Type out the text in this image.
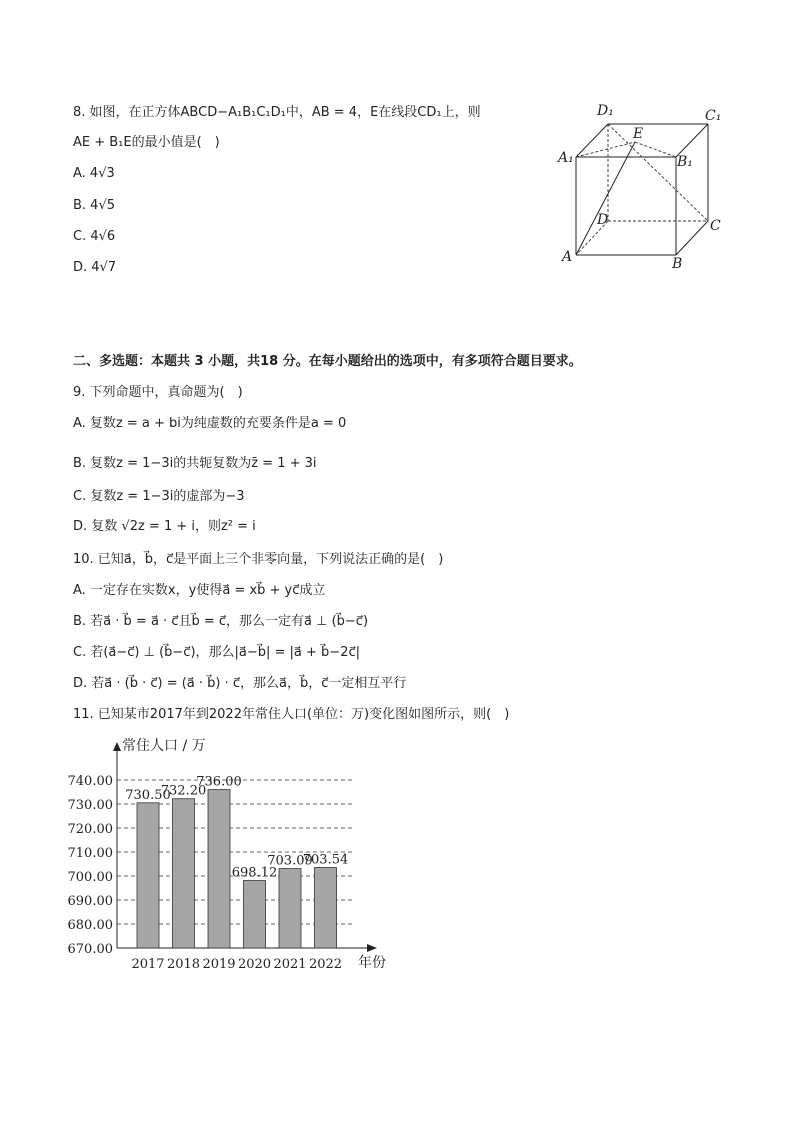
8. 如图，在正方体ABCD−A₁B₁C₁D₁中，AB = 4，E在线段CD₁上，则
AE + B₁E的最小值是(　)
A. 4√3
B. 4√5
C. 4√6
D. 4√7
D₁	C₁
A₁	B₁
E
D	C
A	B
二、多选题：本题共 3 小题，共18 分。在每小题给出的选项中，有多项符合题目要求。
9. 下列命题中，真命题为(　)
A. 复数z = a + bi为纯虚数的充要条件是a = 0
B. 复数z = 1−3i的共轭复数为z̄ = 1 + 3i
C. 复数z = 1−3i的虚部为−3
D. 复数 √2z = 1 + i，则z² = i
10. 已知a⃗，b⃗，c⃗是平面上三个非零向量，下列说法正确的是(　)
A. 一定存在实数x，y使得a⃗ = xb⃗ + yc⃗成立
B. 若a⃗ · b⃗ = a⃗ · c⃗且b⃗ = c⃗，那么一定有a⃗ ⊥ (b⃗−c⃗)
C. 若(a⃗−c⃗) ⊥ (b⃗−c⃗)，那么|a⃗−b⃗| = |a⃗ + b⃗−2c⃗|
D. 若a⃗ · (b⃗ · c⃗) = (a⃗ · b⃗) · c⃗，那么a⃗，b⃗，c⃗一定相互平行
11. 已知某市2017年到2022年常住人口(单位：万)变化图如图所示，则(　)
常住人口 / 万
年份
670.00
680.00
690.00
700.00
710.00
720.00
730.00
740.00
730.50
2017
732.20
2018
736.00
2019
698.12
2020
703.09
2021
703.54
2022
